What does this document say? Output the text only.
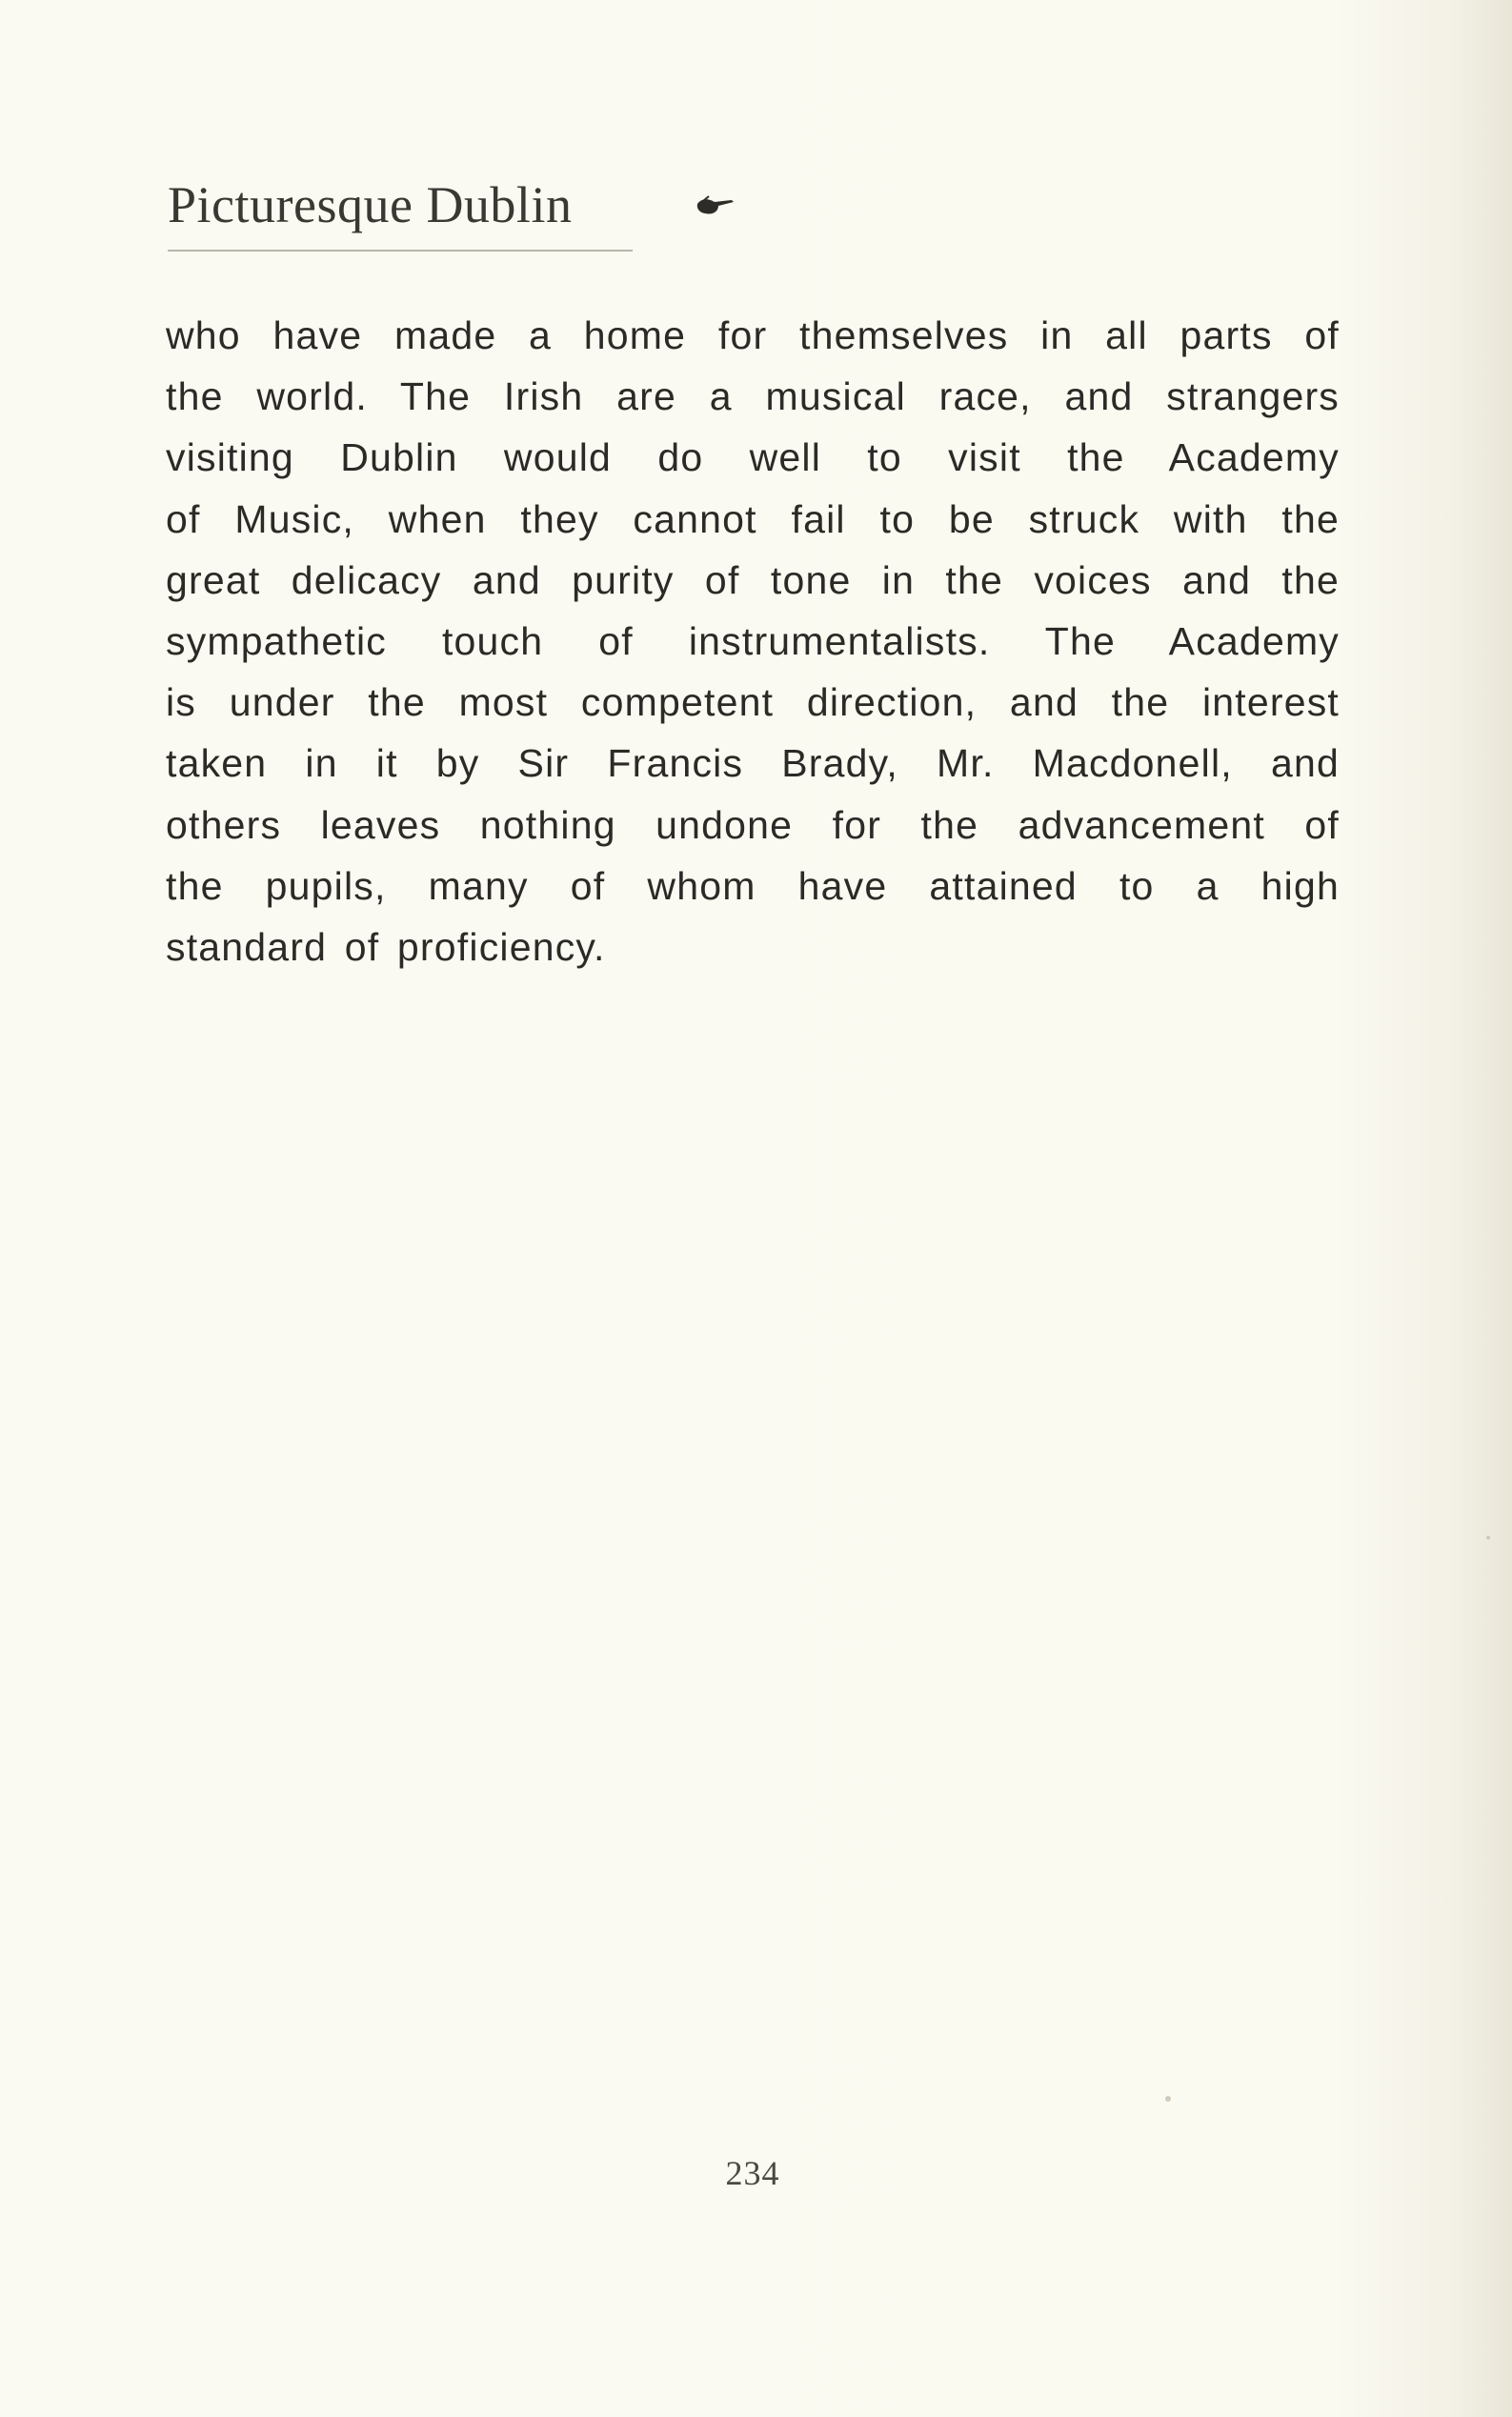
Picturesque Dublin
who have made a home for themselves in all parts of
the world. The Irish are a musical race, and strangers
visiting Dublin would do well to visit the Academy
of Music, when they cannot fail to be struck with the
great delicacy and purity of tone in the voices and the
sympathetic touch of instrumentalists. The Academy
is under the most competent direction, and the interest
taken in it by Sir Francis Brady, Mr. Macdonell, and
others leaves nothing undone for the advancement of
the pupils, many of whom have attained to a high
standard of proficiency.
234
